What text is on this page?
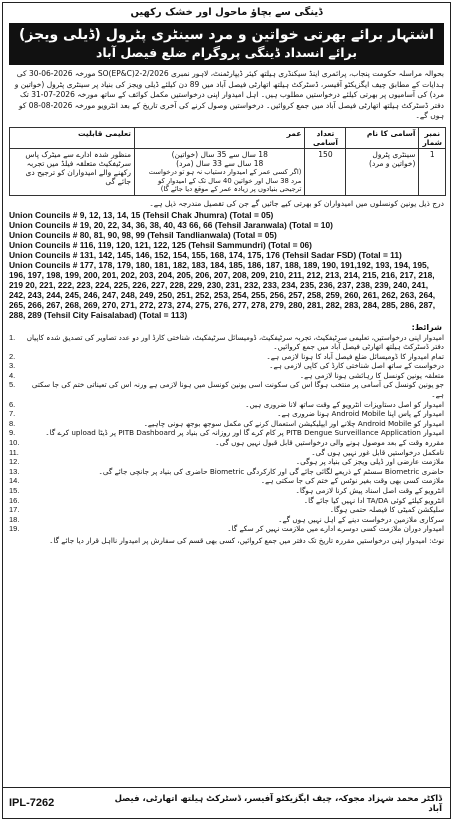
ڈینگی سے بچاؤ ماحول اور خشک رکھیں
اشتہار برائے بھرتی خواتین و مرد سینٹری پٹرول (ڈیلی ویجز)
برائے انسداد ڈینگی پروگرام ضلع فیصل آباد
بحوالہ مراسلہ حکومت پنجاب، پرائمری اینڈ سیکنڈری ہیلتھ کیئر ڈیپارٹمنٹ، لاہور نمبری SO(EP&C)2-2/2026 مورخہ 2026-06-30 کی ہدایات کے مطابق چیف ایگزیکٹو آفیسر، ڈسٹرکٹ ہیلتھ اتھارٹی فیصل آباد میں 89 دن کیلئے ڈیلی ویجز کی بنیاد پر سینٹری پٹرول (خواتین و مرد) کی آسامیوں پر بھرتی کیلئے درخواستیں مطلوب ہیں۔ اہل امیدوار اپنی درخواستیں مکمل کوائف کے ساتھ مورخہ 2026-07-31 تک دفتر ڈسٹرکٹ ہیلتھ اتھارٹی فیصل آباد میں جمع کروائیں۔ درخواستیں وصول کرنے کی آخری تاریخ کے بعد انٹرویو مورخہ 2026-08-08 کو ہوں گے۔
نمبر شمار	آسامی کا نام	تعداد آسامی	عمر	تعلیمی قابلیت
1	سینٹری پٹرول (خواتین و مرد)	150	18 سال سے 35 سال (خواتین)
18 سال سے 33 سال (مرد)
(اگر کسی عمر کے امیدوار دستیاب نہ ہو تو درخواست مرد 38 سال اور خواتین 40 سال تک کے امیدوار کو ترجیحی بنیادوں پر زیادہ عمر کے موقع دیا جائے گا)	منظور شدہ ادارے سے میٹرک پاس سرٹیفکیٹ متعلقہ فیلڈ میں تجربہ رکھنے والے امیدواران کو ترجیح دی جائے گی
درج ذیل یونین کونسلوں میں امیدواران کو بھرتی کیے جائیں گے جن کی تفصیل مندرجہ ذیل ہے۔
Union Councils # 9, 12, 13, 14, 15 (Tehsil Chak Jhumra) (Total = 05)
Union Councils # 19, 20, 22, 34, 36, 38, 40, 43 66, 66 (Tehsil Jaranwala) (Total = 10)
Union Councils # 80, 81, 90, 98, 99 (Tehsil Tandlianwala) (Total = 05)
Union Councils # 116, 119, 120, 121, 122, 125 (Tehsil Sammundri) (Total = 06)
Union Councils # 131, 142, 145, 146, 152, 154, 155, 168, 174, 175, 176 (Tehsil Sadar FSD) (Total = 11)
Union Councils # 177, 178, 179, 180, 181, 182, 183, 184, 185, 186, 187, 188, 189, 190, 191,192, 193, 194, 195, 196, 197, 198, 199, 200, 201, 202, 203, 204, 205, 206, 207, 208, 209, 210, 211, 212, 213, 214, 215, 216, 217, 218, 219 20, 221, 222, 223, 224, 225, 226, 227, 228, 229, 230, 231, 232, 233, 234, 235, 236, 237, 238, 239, 240, 241, 242, 243, 244, 245, 246, 247, 248, 249, 250, 251, 252, 253, 254, 255, 256, 257, 258, 259, 260, 261, 262, 263, 264, 265, 266, 267, 268, 269, 270, 271, 272, 273, 274, 275, 276, 277, 278, 279, 280, 281, 282, 283, 284, 285, 286, 287, 288, 289 (Tehsil City Faisalabad) (Total = 113)
شرائط:
امیدوار اپنی درخواستیں، تعلیمی سرٹیفکیٹ، تجربہ سرٹیفکیٹ، ڈومیسائل سرٹیفکیٹ، شناختی کارڈ اور دو عدد تصاویر کی تصدیق شدہ کاپیاں دفتر ڈسٹرکٹ ہیلتھ اتھارٹی فیصل آباد میں جمع کروائیں۔
1.
تمام امیدوار کا ڈومیسائل ضلع فیصل آباد کا ہونا لازمی ہے۔
2.
درخواست کے ساتھ اصل شناختی کارڈ کی کاپی لازمی ہے۔
3.
متعلقہ یونین کونسل کا رہائشی ہونا لازمی ہے۔
4.
جو یونین کونسل کی آسامی پر منتخب ہوگا اس کی سکونت اسی یونین کونسل میں ہونا لازمی ہے ورنہ اس کی تعیناتی ختم کی جا سکتی ہے۔
5.
امیدوار کو اصل دستاویزات انٹرویو کے وقت ساتھ لانا ضروری ہیں۔
6.
امیدوار کے پاس اپنا Android Mobile ہونا ضروری ہے۔
7.
امیدوار کو Android Mobile چلانے اور ایپلیکیشن استعمال کرنے کی مکمل سوجھ بوجھ ہونی چاہیے۔
8.
امیدوار PITB Dengue Surveillance Application پر کام کرے گا اور روزانہ کی بنیاد پر PITB Dashboard پر ڈیٹا upload کرے گا۔
9.
مقررہ وقت کے بعد موصول ہونے والی درخواستیں قابل قبول نہیں ہوں گی۔
10.
نامکمل درخواستیں قابل غور نہیں ہوں گی۔
11.
ملازمت عارضی اور ڈیلی ویجز کی بنیاد پر ہوگی۔
12.
حاضری Biometric سسٹم کے ذریعے لگائی جائے گی اور کارکردگی Biometric حاضری کی بنیاد پر جانچی جائے گی۔
13.
ملازمت کسی بھی وقت بغیر نوٹس کے ختم کی جا سکتی ہے۔
14.
انٹرویو کے وقت اصل اسناد پیش کرنا لازمی ہوگا۔
15.
انٹرویو کیلئے کوئی TA/DA ادا نہیں کیا جائے گا۔
16.
سلیکشن کمیٹی کا فیصلہ حتمی ہوگا۔
17.
سرکاری ملازمین درخواست دینے کے اہل نہیں ہوں گے۔
18.
امیدوار دوران ملازمت کسی دوسرے ادارے میں ملازمت نہیں کر سکے گا۔
19.
نوٹ: امیدوار اپنی درخواستیں مقررہ تاریخ تک دفتر میں جمع کروائیں، کسی بھی قسم کی سفارش پر امیدوار نااہل قرار دیا جائے گا۔
IPL-7262	ڈاکٹر محمد شہزاد مجوکہ، چیف ایگزیکٹو آفیسر، ڈسٹرکٹ ہیلتھ اتھارٹی، فیصل آباد
